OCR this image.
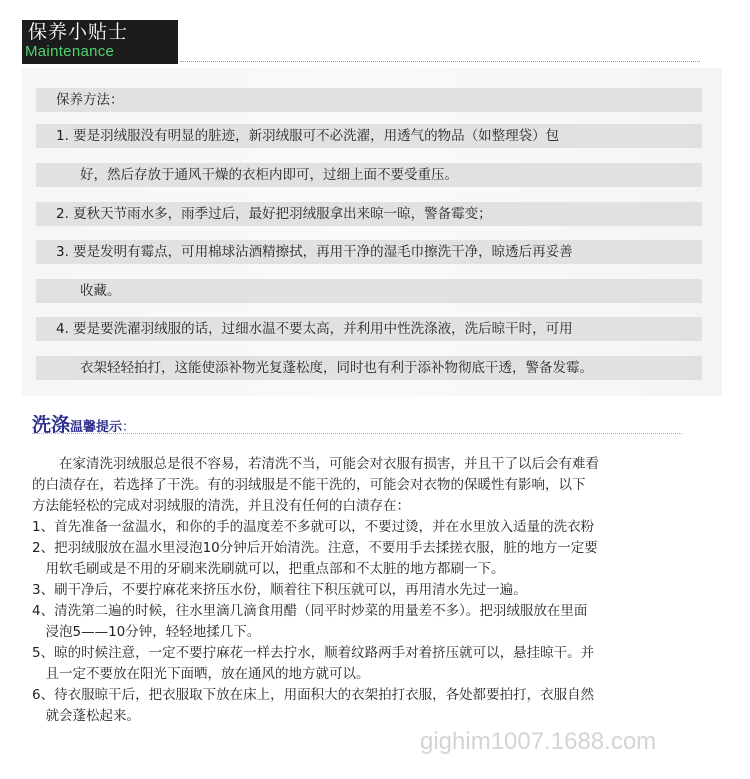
保养小贴士
Maintenance
保养方法：
1. 要是羽绒服没有明显的脏迹，新羽绒服可不必洗濯，用透气的物品（如整理袋）包
好，然后存放于通风干燥的衣柜内即可，过细上面不要受重压。
2. 夏秋天节雨水多，雨季过后，最好把羽绒服拿出来晾一晾，警备霉变；
3. 要是发明有霉点，可用棉球沾酒精擦拭，再用干净的湿毛巾擦洗干净，晾透后再妥善
收藏。
4. 要是要洗濯羽绒服的话，过细水温不要太高，并利用中性洗涤液，洗后晾干时，可用
衣架轻轻拍打，这能使添补物光复蓬松度，同时也有利于添补物彻底干透，警备发霉。
洗涤温馨提示：
　　在家清洗羽绒服总是很不容易，若清洗不当，可能会对衣服有损害，并且干了以后会有难看
的白渍存在，若选择了干洗。有的羽绒服是不能干洗的，可能会对衣物的保暖性有影响，以下
方法能轻松的完成对羽绒服的清洗，并且没有任何的白渍存在：
1、首先准备一盆温水，和你的手的温度差不多就可以，不要过烫，并在水里放入适量的洗衣粉
2、把羽绒服放在温水里浸泡10分钟后开始清洗。注意，不要用手去揉搓衣服，脏的地方一定要
　用软毛刷或是不用的牙刷来洗刷就可以，把重点部和不太脏的地方都刷一下。
3、刷干净后，不要拧麻花来挤压水份，顺着往下积压就可以，再用清水先过一遍。
4、清洗第二遍的时候，往水里滴几滴食用醋（同平时炒菜的用量差不多）。把羽绒服放在里面
　浸泡5——10分钟，轻轻地揉几下。
5、晾的时候注意，一定不要拧麻花一样去拧水，顺着纹路两手对着挤压就可以，悬挂晾干。并
　且一定不要放在阳光下面晒，放在通风的地方就可以。
6、待衣服晾干后，把衣服取下放在床上，用面积大的衣架拍打衣服，各处都要拍打，衣服自然
　就会蓬松起来。
gighim1007.1688.com
